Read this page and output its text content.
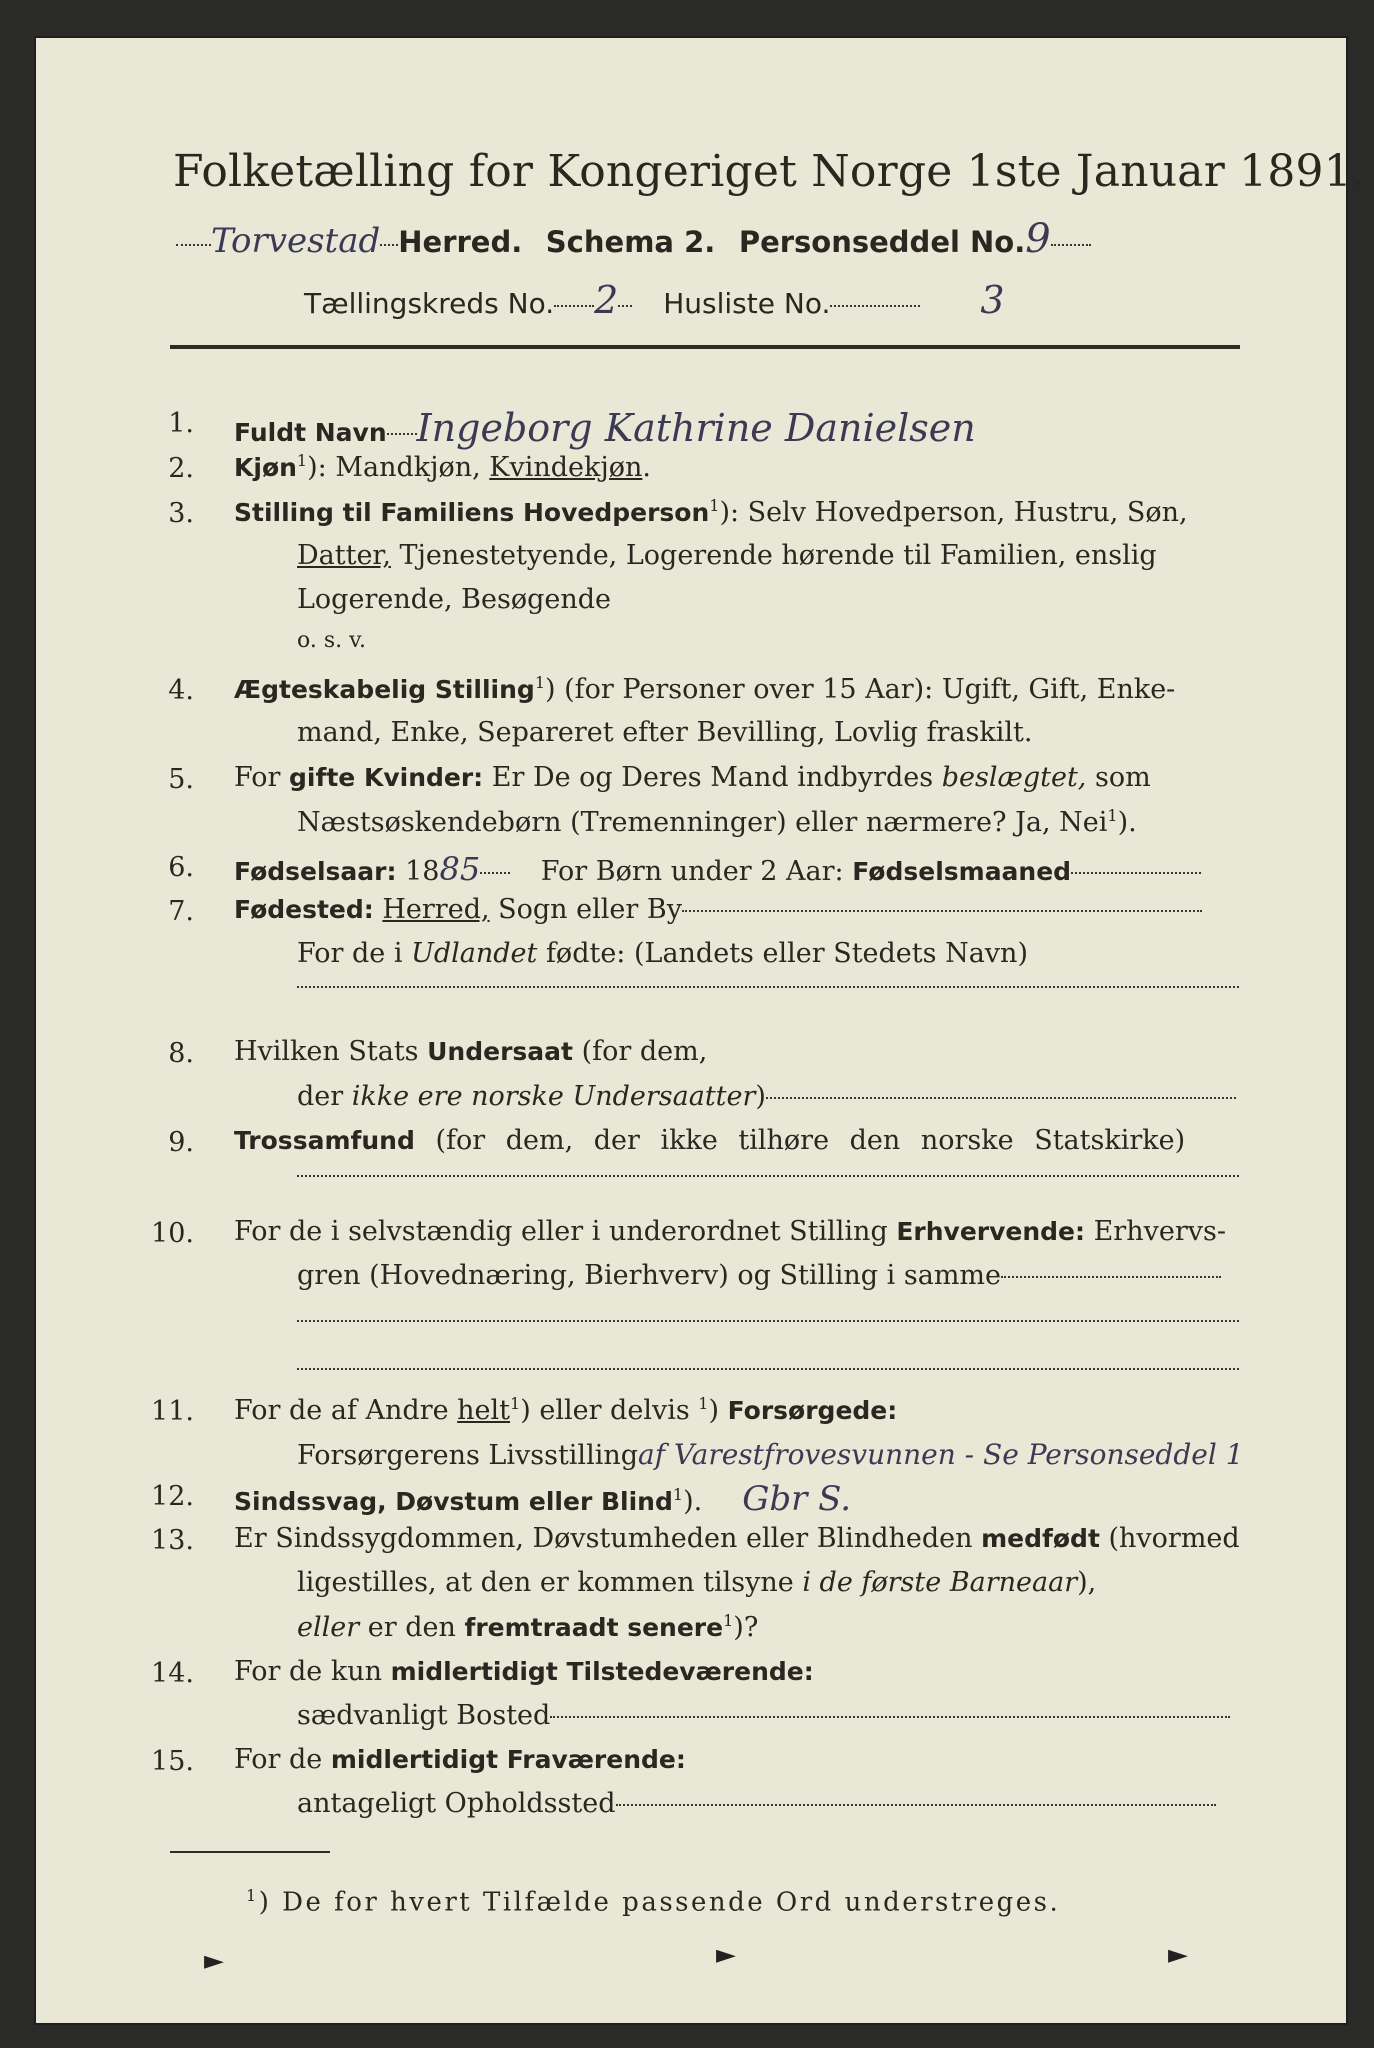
Folketælling for Kongeriget Norge 1ste Januar 1891.
Torvestad Herred. Schema 2. Personseddel No.9
Tællingskreds No. 2 Husliste No.	3
1. Fuldt Navn Ingeborg Kathrine Danielsen
2. Kjøn$^1$): Mandkjøn, Kvindekjøn.
3. Stilling til Familiens Hovedperson$^1$): Selv Hovedperson, Hustru, Søn,
Datter, Tjenestetyende, Logerende hørende til Familien, enslig
Logerende, Besøgende
o. s. v.
4. Ægteskabelig Stilling$^1$) (for Personer over 15 Aar): Ugift, Gift, Enke-
mand, Enke, Separeret efter Bevilling, Lovlig fraskilt.
5. For gifte Kvinder: Er De og Deres Mand indbyrdes beslægtet, som
Næstsøskendebørn (Tremenninger) eller nærmere? Ja, Nei$^1$).
6. Fødselsaar: 1885 For Børn under 2 Aar: Fødselsmaaned
7. Fødested: Herred, Sogn eller By
For de i Udlandet fødte: (Landets eller Stedets Navn)
8. Hvilken Stats Undersaat (for dem,
der ikke ere norske Undersaatter)
9. Trossamfund (for dem, der ikke tilhøre den norske Statskirke)
10. For de i selvstændig eller i underordnet Stilling Erhvervende: Erhvervs-
gren (Hovednæring, Bierhverv) og Stilling i samme
11. For de af Andre helt$^1$) eller delvis $^1$) Forsørgede:
Forsørgerens Livsstillingaf Varestfrovesvunnen - Se Personseddel 1
12. Sindssvag, Døvstum eller Blind$^1$). Gbr S.
13. Er Sindssygdommen, Døvstumheden eller Blindheden medfødt (hvormed
ligestilles, at den er kommen tilsyne i de første Barneaar),
eller er den fremtraadt senere$^1$)?
14. For de kun midlertidigt Tilstedeværende:
sædvanligt Bosted
15. For de midlertidigt Fraværende:
antageligt Opholdssted
$^1$) De for hvert Tilfælde passende Ord understreges.
►	►	►
